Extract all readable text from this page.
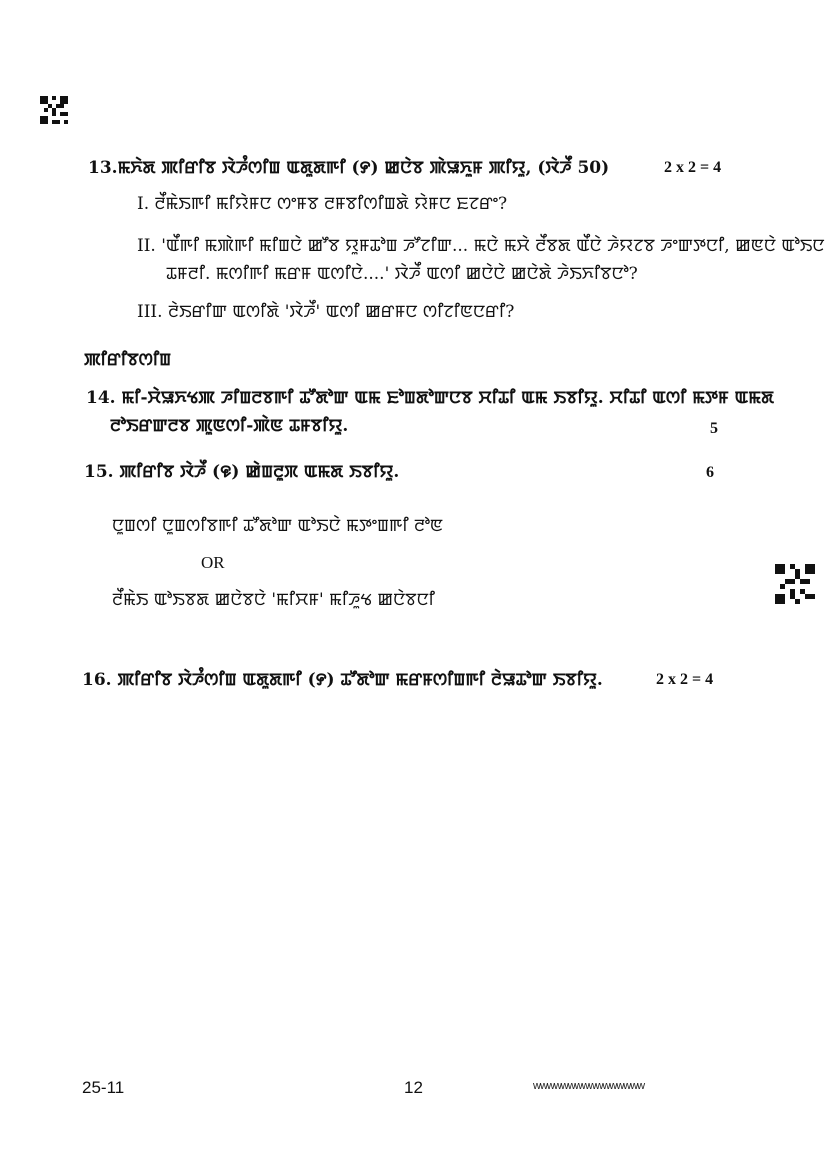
13.ꯃꯈꯥꯗ ꯄꯤꯔꯤꯕ ꯋꯥꯍꯪꯁꯤꯡ ꯑꯗꯨꯗꯒꯤ (꯸) ꯀꯅꯥꯕ ꯄꯥꯎꯈꯨꯝ ꯄꯤꯌꯨ, (ꯋꯥꯍꯩ 50)	2 x 2 = 4
I. ꯂꯩꯃꯥꯏꯒꯤ ꯃꯤꯌꯥꯝꯅ ꯁꯦꯝꯕ ꯂꯝꯕꯤꯁꯤꯡꯗꯥ ꯌꯥꯝꯅ ꯐꯖꯔꯦ?
II. 'ꯑꯩꯒꯤ ꯃꯄꯥꯒꯤ ꯃꯤꯡꯅꯥ ꯀꯧꯕ ꯌꯨꯝꯊꯣꯡ ꯍꯧꯖꯤꯛ... ꯃꯅꯥ ꯃꯆꯥ ꯂꯩꯕꯗ ꯑꯩꯅꯥ ꯍꯥꯌꯖꯕ ꯍꯦꯛꯇꯅꯤ, ꯀꯟꯅꯥ ꯑꯣꯏꯅ
ꯊꯝꯂꯤ. ꯃꯁꯤꯒꯤ ꯃꯔꯝ ꯑꯁꯤꯅꯥ....' ꯋꯥꯍꯩ ꯑꯁꯤ ꯀꯅꯥꯅꯥ ꯀꯅꯥꯗꯥ ꯍꯥꯏꯈꯤꯕꯅꯣ?
III. ꯂꯥꯏꯔꯤꯛ ꯑꯁꯤꯗꯥ 'ꯋꯥꯍꯩ' ꯑꯁꯤ ꯀꯔꯝꯅ ꯁꯤꯖꯤꯟꯅꯔꯤ?
ꯄꯤꯔꯤꯕꯁꯤꯡ
14. ꯃꯤ-ꯆꯥꯎꯈꯠꯄ ꯍꯤꯡꯂꯕꯒꯤ ꯊꯧꯗꯣꯛ ꯑꯃ ꯐꯣꯡꯗꯣꯛꯅꯕ ꯆꯤꯊꯤ ꯑꯃ ꯏꯕꯤꯌꯨ. ꯆꯤꯊꯤ ꯑꯁꯤ ꯃꯇꯝ ꯑꯃꯗ
ꯂꯣꯏꯔꯛꯂꯕ ꯄꯨꯟꯁꯤ-ꯄꯥꯟ ꯊꯝꯕꯤꯌꯨ.	5
15. ꯄꯤꯔꯤꯕ ꯋꯥꯍꯩ (꯶) ꯀꯥꯡꯂꯨꯞ ꯑꯃꯗ ꯏꯕꯤꯌꯨ.	6
ꯅꯨꯡꯁꯤ ꯅꯨꯡꯁꯤꯕꯒꯤ ꯊꯧꯗꯣꯛ ꯑꯣꯏꯅꯥ ꯃꯇꯦꯡꯒꯤ ꯂꯣꯟ
OR
ꯂꯩꯃꯥꯏ ꯑꯣꯏꯕꯗ ꯀꯅꯥꯕꯅꯥ 'ꯃꯤꯆꯝ' ꯃꯤꯍꯨꯠ ꯀꯅꯥꯕꯅꯤ
16. ꯄꯤꯔꯤꯕ ꯋꯥꯍꯪꯁꯤꯡ ꯑꯗꯨꯗꯒꯤ (꯸) ꯊꯧꯗꯣꯛ ꯃꯔꯝꯁꯤꯡꯒꯤ ꯂꯥꯎꯊꯣꯛ ꯏꯕꯤꯌꯨ.	2 x 2 = 4
25-11	12	wwwwwwwwwwwwwwww
